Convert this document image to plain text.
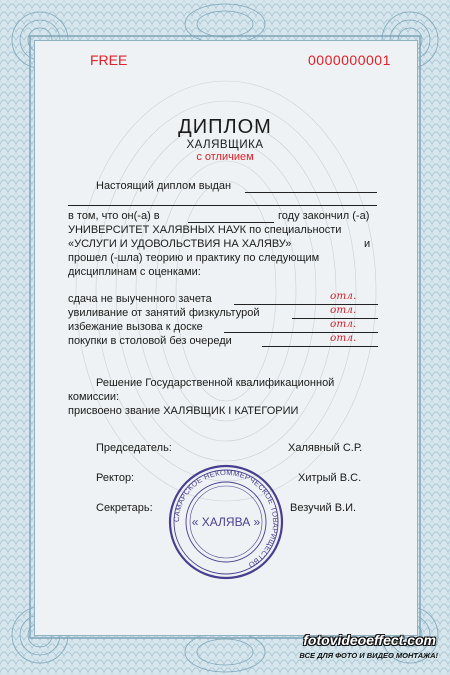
FREE	0000000001
ДИПЛОМ
ХАЛЯВЩИКА
с отличием
Настоящий диплом выдан
в том, что он(-а) в	году закончил (-а)
УНИВЕРСИТЕТ ХАЛЯВНЫХ НАУК по специальности
«УСЛУГИ И УДОВОЛЬСТВИЯ НА ХАЛЯВУ»	и
прошел (-шла) теорию и практику по следующим
дисциплинам с оценками:
сдача не выученного зачета	отл.
увиливание от занятий физкультурой	отл.
избежание вызова к доске	отл.
покупки в столовой без очереди	отл.
Решение Государственной квалификационной
комиссии:
присвоено звание ХАЛЯВЩИК I КАТЕГОРИИ
Председатель:	Халявный С.Р.
Ректор:	Хитрый В.С.
Секретарь:	Везучий В.И.
САМАРСКОЕ НЕКОММЕРЧЕСКОЕ ТОВАРИЩЕСТВО
« ХАЛЯВА »
fotovideoeffect.com
ВСЕ ДЛЯ ФОТО И ВИДЕО МОНТАЖА!
